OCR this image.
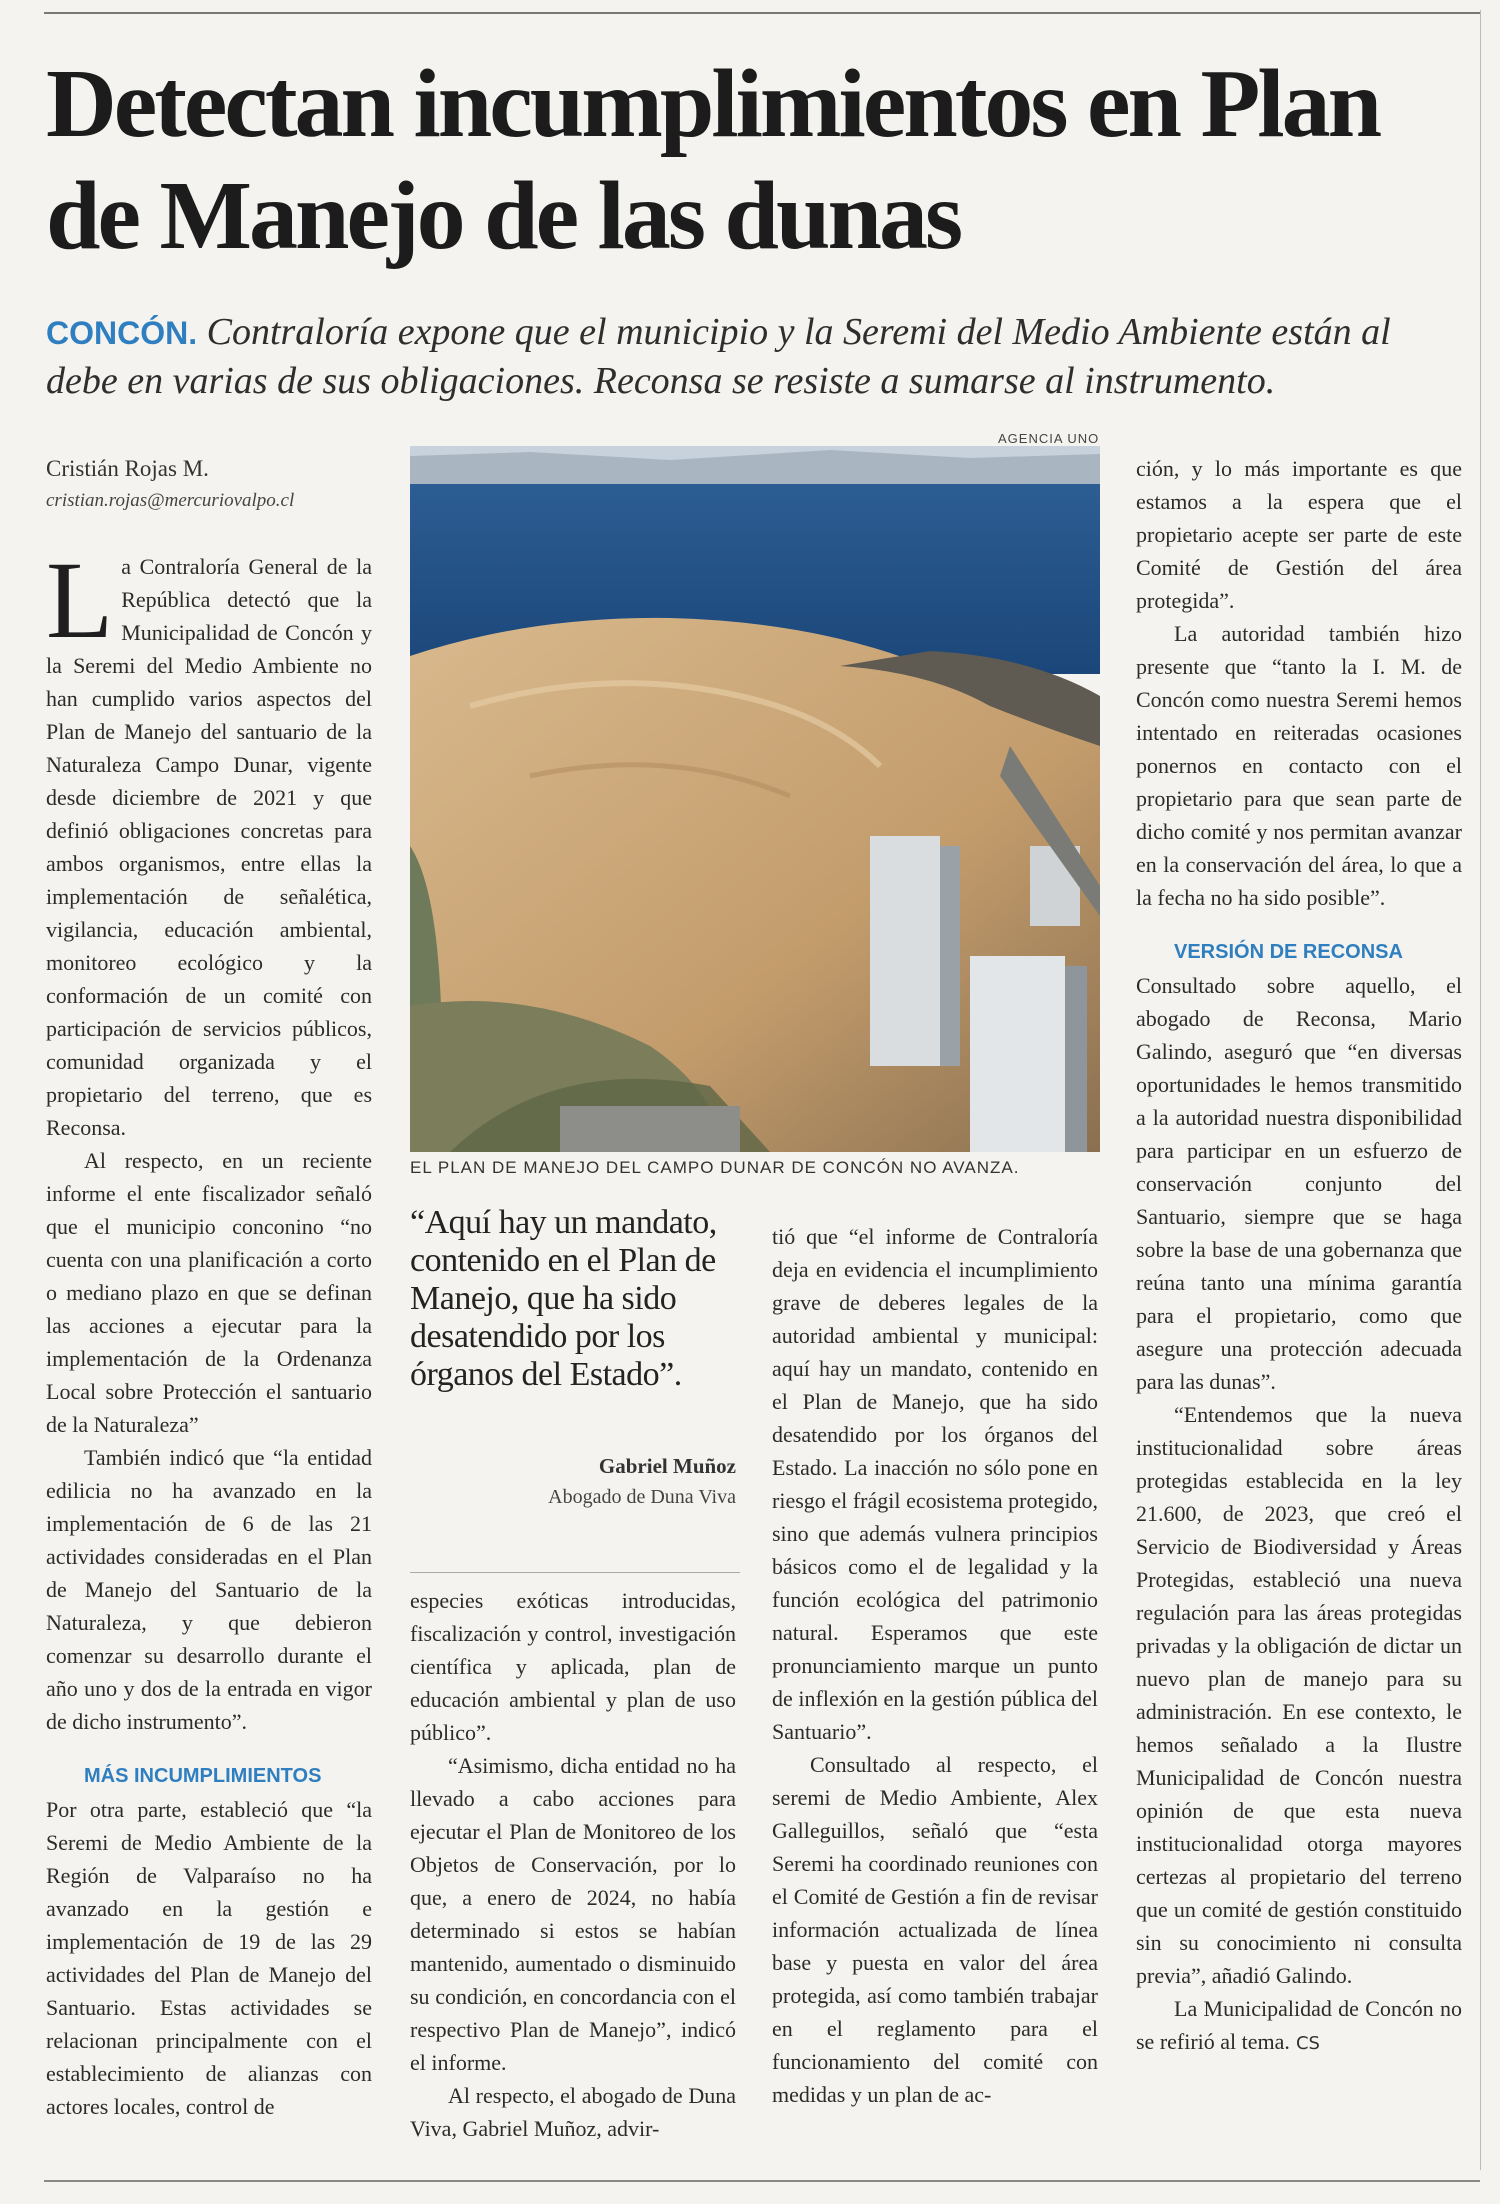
Detectan incumplimientos en Plan de Manejo de las dunas

CONCÓN. Contraloría expone que el municipio y la Seremi del Medio Ambiente están al debe en varias de sus obligaciones. Reconsa se resiste a sumarse al instrumento.

Cristián Rojas M.
cristian.rojas@mercuriovalpo.cl

La Contraloría General de la República detectó que la Municipalidad de Concón y la Seremi del Medio Ambiente no han cumplido varios aspectos del Plan de Manejo del santuario de la Naturaleza Campo Dunar, vigente desde diciembre de 2021 y que definió obligaciones concretas para ambos organismos, entre ellas la implementación de señalética, vigilancia, educación ambiental, monitoreo ecológico y la conformación de un comité con participación de servicios públicos, comunidad organizada y el propietario del terreno, que es Reconsa.

Al respecto, en un reciente informe el ente fiscalizador señaló que el municipio conconino “no cuenta con una planificación a corto o mediano plazo en que se definan las acciones a ejecutar para la implementación de la Ordenanza Local sobre Protección el santuario de la Naturaleza”

También indicó que “la entidad edilicia no ha avanzado en la implementación de 6 de las 21 actividades consideradas en el Plan de Manejo del Santuario de la Naturaleza, y que debieron comenzar su desarrollo durante el año uno y dos de la entrada en vigor de dicho instrumento”.

MÁS INCUMPLIMIENTOS

Por otra parte, estableció que “la Seremi de Medio Ambiente de la Región de Valparaíso no ha avanzado en la gestión e implementación de 19 de las 29 actividades del Plan de Manejo del Santuario. Estas actividades se relacionan principalmente con el establecimiento de alianzas con actores locales, control de

AGENCIA UNO
EL PLAN DE MANEJO DEL CAMPO DUNAR DE CONCÓN NO AVANZA.

“Aquí hay un mandato, contenido en el Plan de Manejo, que ha sido desatendido por los órganos del Estado”.

Gabriel Muñoz
Abogado de Duna Viva

especies exóticas introducidas, fiscalización y control, investigación científica y aplicada, plan de educación ambiental y plan de uso público”.

“Asimismo, dicha entidad no ha llevado a cabo acciones para ejecutar el Plan de Monitoreo de los Objetos de Conservación, por lo que, a enero de 2024, no había determinado si estos se habían mantenido, aumentado o disminuido su condición, en concordancia con el respectivo Plan de Manejo”, indicó el informe.

Al respecto, el abogado de Duna Viva, Gabriel Muñoz, advir-

tió que “el informe de Contraloría deja en evidencia el incumplimiento grave de deberes legales de la autoridad ambiental y municipal: aquí hay un mandato, contenido en el Plan de Manejo, que ha sido desatendido por los órganos del Estado. La inacción no sólo pone en riesgo el frágil ecosistema protegido, sino que además vulnera principios básicos como el de legalidad y la función ecológica del patrimonio natural. Esperamos que este pronunciamiento marque un punto de inflexión en la gestión pública del Santuario”.

Consultado al respecto, el seremi de Medio Ambiente, Alex Galleguillos, señaló que “esta Seremi ha coordinado reuniones con el Comité de Gestión a fin de revisar información actualizada de línea base y puesta en valor del área protegida, así como también trabajar en el reglamento para el funcionamiento del comité con medidas y un plan de ac-

ción, y lo más importante es que estamos a la espera que el propietario acepte ser parte de este Comité de Gestión del área protegida”.

La autoridad también hizo presente que “tanto la I. M. de Concón como nuestra Seremi hemos intentado en reiteradas ocasiones ponernos en contacto con el propietario para que sean parte de dicho comité y nos permitan avanzar en la conservación del área, lo que a la fecha no ha sido posible”.

VERSIÓN DE RECONSA

Consultado sobre aquello, el abogado de Reconsa, Mario Galindo, aseguró que “en diversas oportunidades le hemos transmitido a la autoridad nuestra disponibilidad para participar en un esfuerzo de conservación conjunto del Santuario, siempre que se haga sobre la base de una gobernanza que reúna tanto una mínima garantía para el propietario, como que asegure una protección adecuada para las dunas”.

“Entendemos que la nueva institucionalidad sobre áreas protegidas establecida en la ley 21.600, de 2023, que creó el Servicio de Biodiversidad y Áreas Protegidas, estableció una nueva regulación para las áreas protegidas privadas y la obligación de dictar un nuevo plan de manejo para su administración. En ese contexto, le hemos señalado a la Ilustre Municipalidad de Concón nuestra opinión de que esta nueva institucionalidad otorga mayores certezas al propietario del terreno que un comité de gestión constituido sin su conocimiento ni consulta previa”, añadió Galindo.

La Municipalidad de Concón no se refirió al tema. CS
